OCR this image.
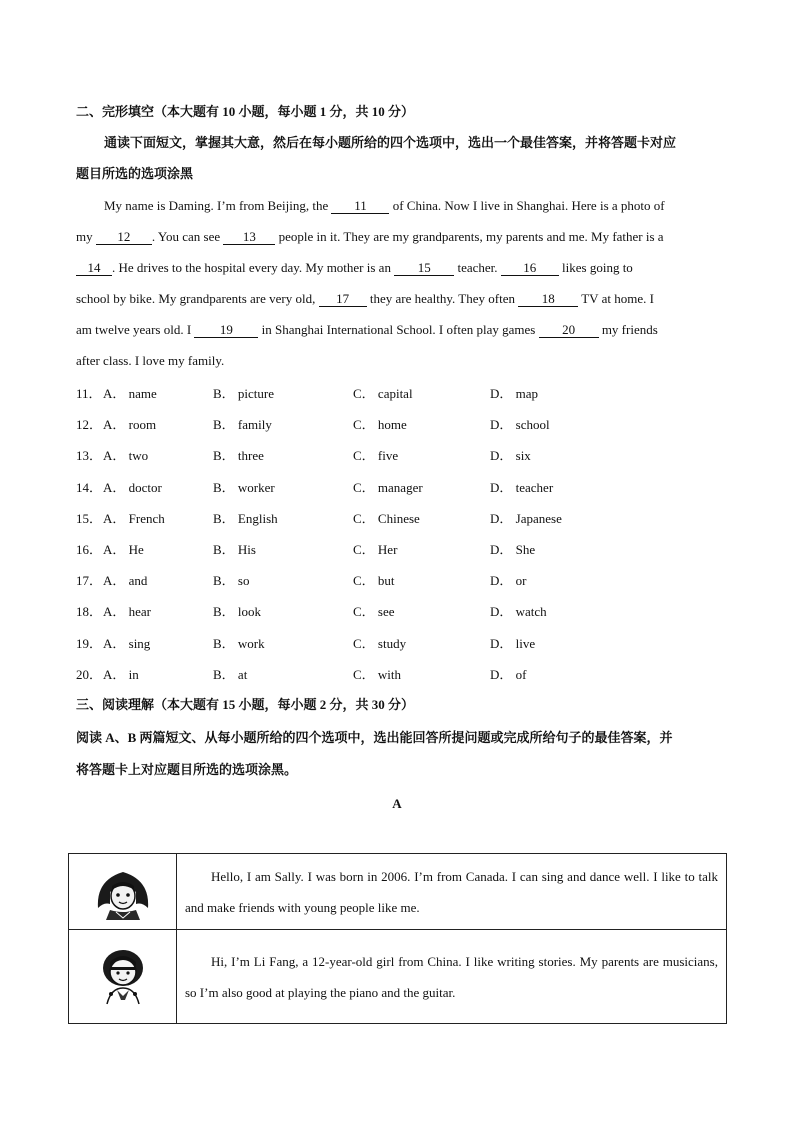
二、完形填空（本大题有 10 小题，每小题 1 分，共 10 分）
通读下面短文，掌握其大意，然后在每小题所给的四个选项中，选出一个最佳答案，并将答题卡对应
题目所选的选项涂黑
My name is Daming. I’m from Beijing, the 11 of China. Now I live in Shanghai. Here is a photo of
my 12 . You can see 13 people in it. They are my grandparents, my parents and me. My father is a
14 . He drives to the hospital every day. My mother is an 15 teacher. 16 likes going to
school by bike. My grandparents are very old, 17 they are healthy. They often 18 TV at home. I
am twelve years old. I 19 in Shanghai International School. I often play games 20 my friends
after class. I love my family.
11． A． name	B． picture	C． capital	D． map
12． A． room	B． family	C． home	D． school
13． A． two	B． three	C． five	D． six
14． A． doctor	B． worker	C． manager	D． teacher
15． A． French	B． English	C． Chinese	D． Japanese
16． A． He	B． His	C． Her	D． She
17． A． and	B． so	C． but	D． or
18． A． hear	B． look	C． see	D． watch
19． A． sing	B． work	C． study	D． live
20． A． in	B． at	C． with	D． of
三、阅读理解（本大题有 15 小题，每小题 2 分，共 30 分）
阅读 A、B 两篇短文、从每小题所给的四个选项中，选出能回答所提问题或完成所给句子的最佳答案，并
将答题卡上对应题目所选的选项涂黑。
A
	Hello, I am Sally. I was born in 2006. I’m from Canada. I can sing and dance well. I like to talk and make friends with young people like me.

	Hi, I’m Li Fang, a 12-year-old girl from China. I like writing stories. My parents are musicians, so I’m also good at playing the piano and the guitar.
